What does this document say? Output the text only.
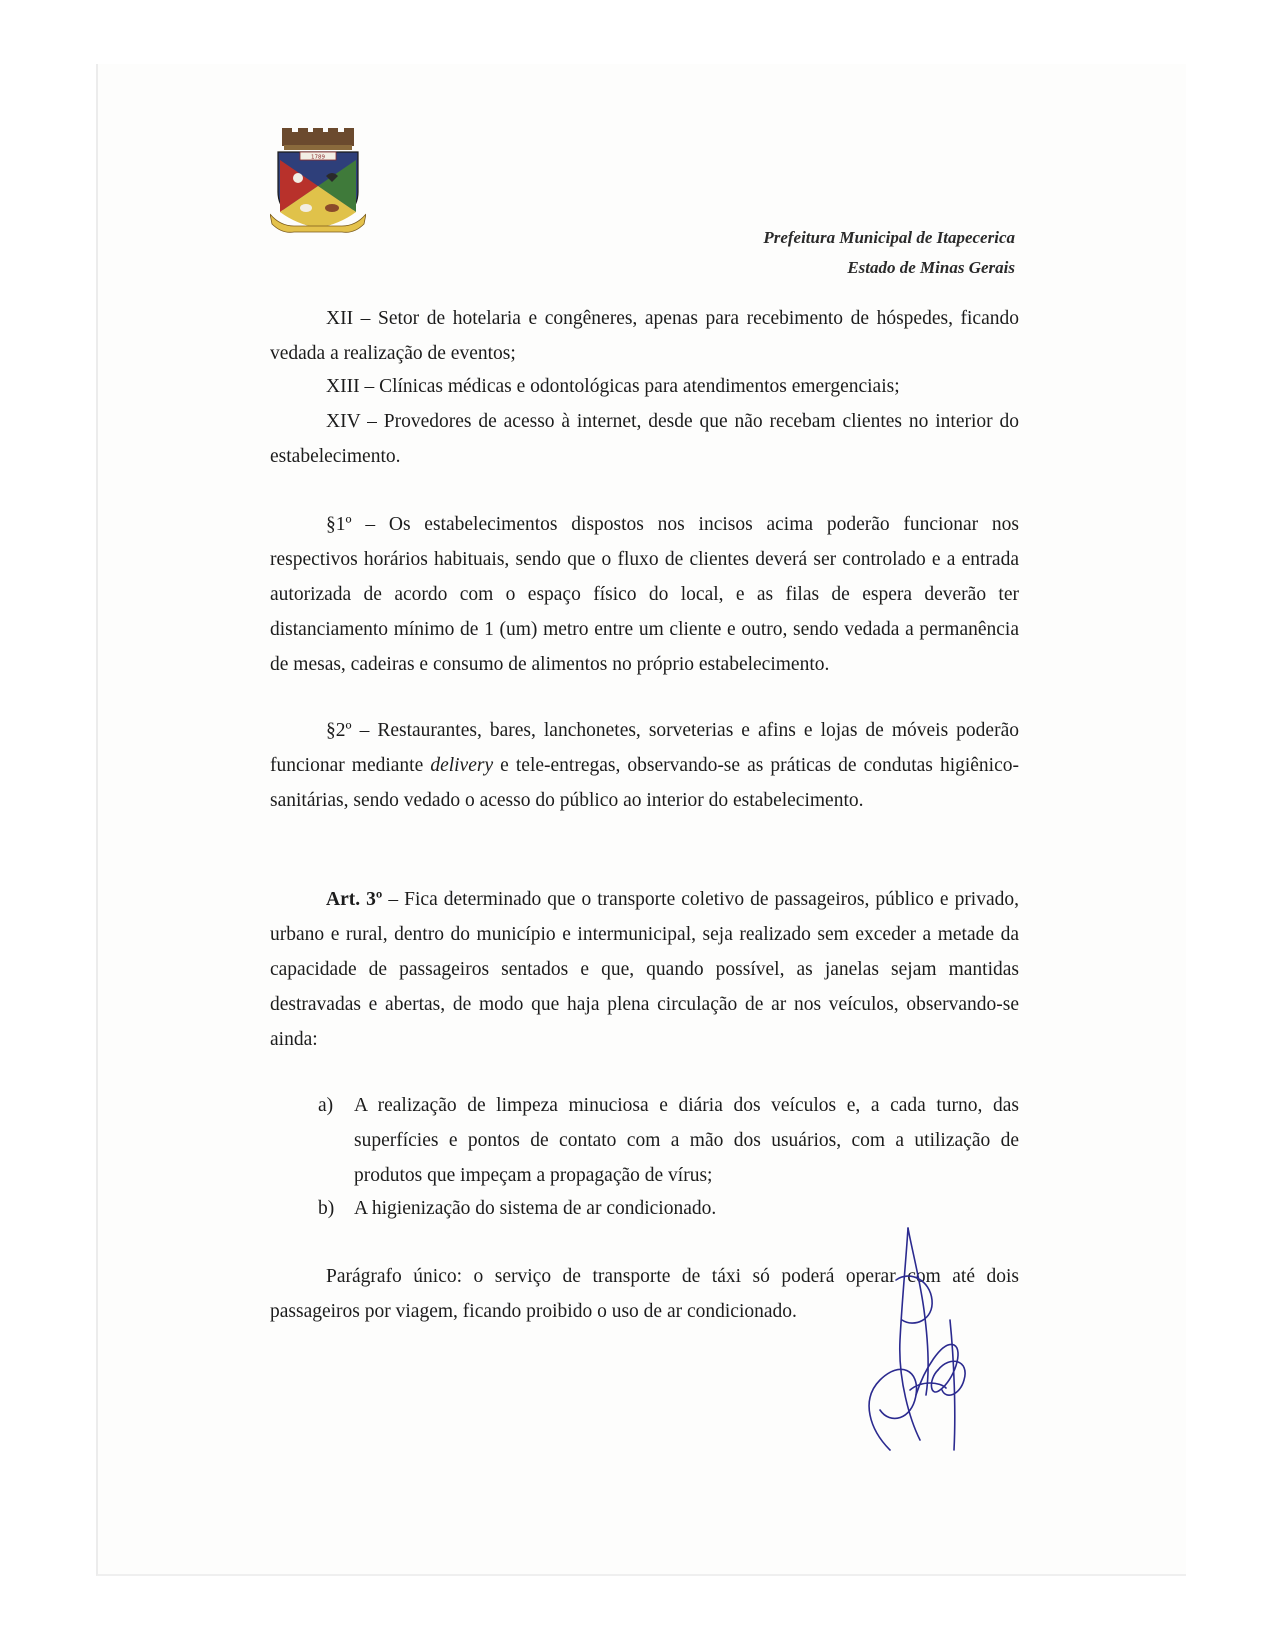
1789
Prefeitura Municipal de Itapecerica
Estado de Minas Gerais

XII – Setor de hotelaria e congêneres, apenas para recebimento de hóspedes, ficando vedada a realização de eventos;

XIII – Clínicas médicas e odontológicas para atendimentos emergenciais;

XIV – Provedores de acesso à internet, desde que não recebam clientes no interior do estabelecimento.

§1º – Os estabelecimentos dispostos nos incisos acima poderão funcionar nos respectivos horários habituais, sendo que o fluxo de clientes deverá ser controlado e a entrada autorizada de acordo com o espaço físico do local, e as filas de espera deverão ter distanciamento mínimo de 1 (um) metro entre um cliente e outro, sendo vedada a permanência de mesas, cadeiras e consumo de alimentos no próprio estabelecimento.

§2º – Restaurantes, bares, lanchonetes, sorveterias e afins e lojas de móveis poderão funcionar mediante delivery e tele-entregas, observando-se as práticas de condutas higiênico-sanitárias, sendo vedado o acesso do público ao interior do estabelecimento.

Art. 3º – Fica determinado que o transporte coletivo de passageiros, público e privado, urbano e rural, dentro do município e intermunicipal, seja realizado sem exceder a metade da capacidade de passageiros sentados e que, quando possível, as janelas sejam mantidas destravadas e abertas, de modo que haja plena circulação de ar nos veículos, observando-se ainda:

a)	A realização de limpeza minuciosa e diária dos veículos e, a cada turno, das superfícies e pontos de contato com a mão dos usuários, com a utilização de produtos que impeçam a propagação de vírus;
b)	A higienização do sistema de ar condicionado.

Parágrafo único: o serviço de transporte de táxi só poderá operar com até dois passageiros por viagem, ficando proibido o uso de ar condicionado.
